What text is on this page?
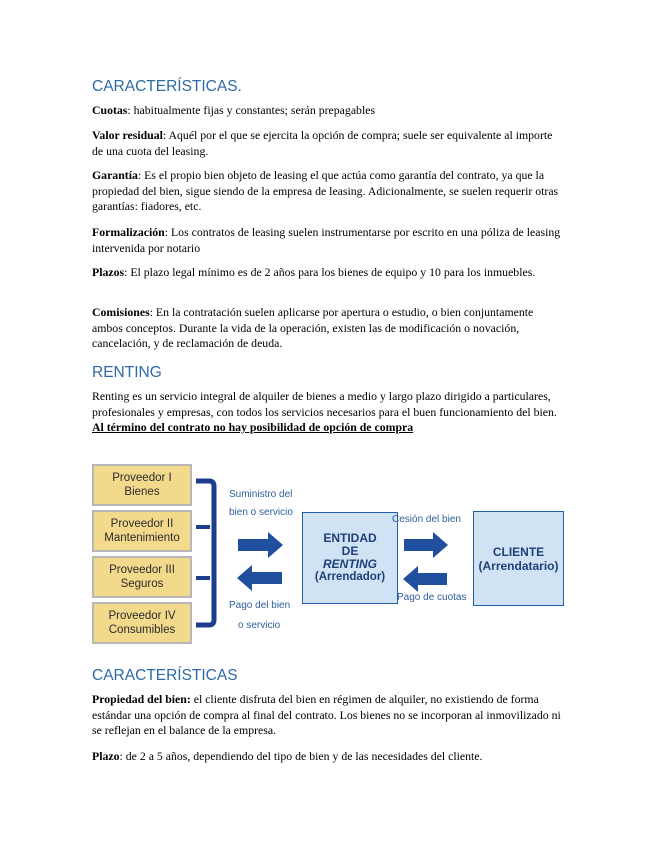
CARACTERÍSTICAS.

Cuotas: habitualmente fijas y constantes; serán prepagables

Valor residual: Aquél por el que se ejercita la opción de compra; suele ser equivalente al importe de una cuota del leasing.

Garantía: Es el propio bien objeto de leasing el que actúa como garantía del contrato, ya que la propiedad del bien, sigue siendo de la empresa de leasing. Adicionalmente, se suelen requerir otras garantías: fiadores, etc.

Formalización: Los contratos de leasing suelen instrumentarse por escrito en una póliza de leasing intervenida por notario

Plazos: El plazo legal mínimo es de 2 años para los bienes de equipo y 10 para los inmuebles.

Comisiones: En la contratación suelen aplicarse por apertura o estudio, o bien conjuntamente ambos conceptos. Durante la vida de la operación, existen las de modificación o novación, cancelación, y de reclamación de deuda.

RENTING

Renting es un servicio integral de alquiler de bienes a medio y largo plazo dirigido a particulares, profesionales y empresas, con todos los servicios necesarios para el buen funcionamiento del bien. Al término del contrato no hay posibilidad de opción de compra

CARACTERÍSTICAS

Propiedad del bien: el cliente disfruta del bien en régimen de alquiler, no existiendo de forma estándar una opción de compra al final del contrato. Los bienes no se incorporan al inmovilizado ni se reflejan en el balance de la empresa.

Plazo: de 2 a 5 años, dependiendo del tipo de bien y de las necesidades del cliente.

Proveedor I
Bienes
Proveedor II
Mantenimiento
Proveedor III
Seguros
Proveedor IV
Consumibles
Suministro del
bien o servicio
Pago del bien
o servicio
ENTIDAD
DE
RENTING
(Arrendador)
Cesión del bien
Pago de cuotas
CLIENTE
(Arrendatario)
